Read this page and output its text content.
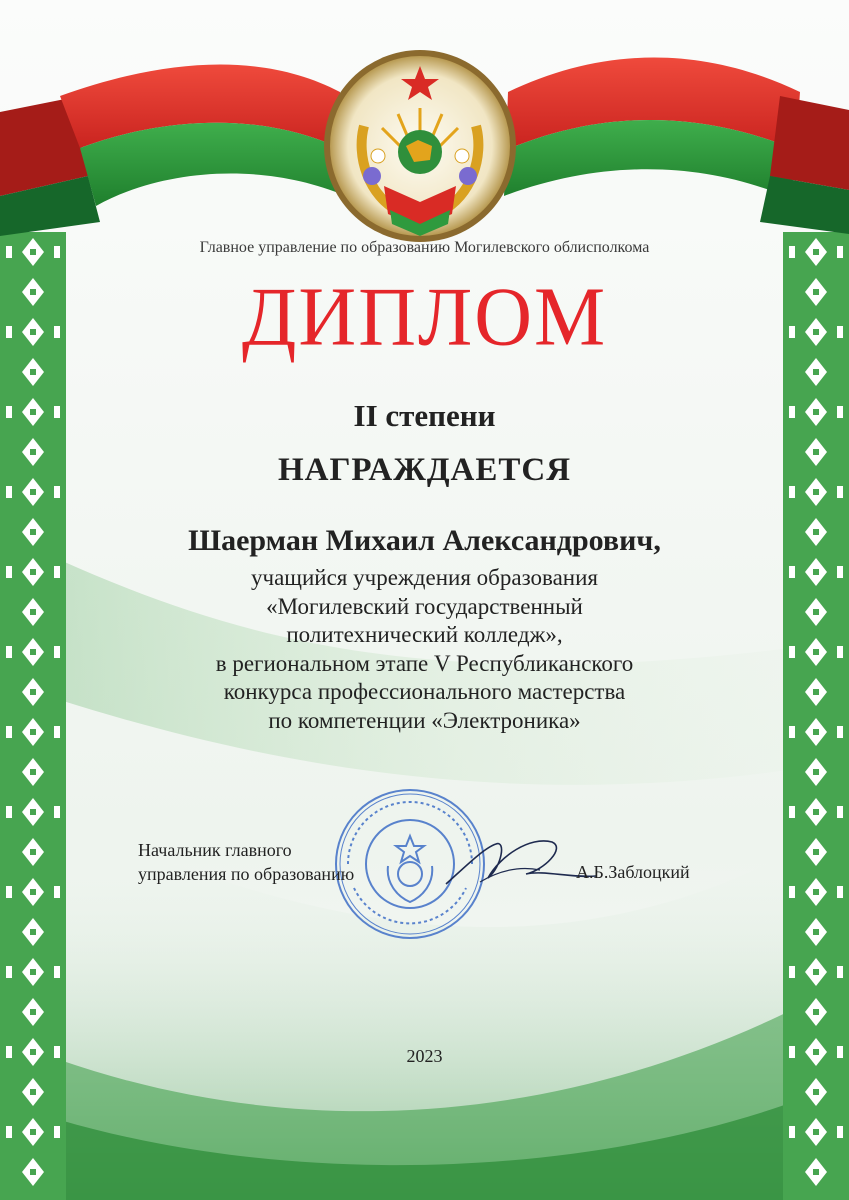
Главное управление по образованию Могилевского облисполкома
ДИПЛОМ
II степени
НАГРАЖДАЕТСЯ
Шаерман Михаил Александрович,
учащийся учреждения образования
«Могилевский государственный
политехнический колледж»,
в региональном этапе V Республиканского
конкурса профессионального мастерства
по компетенции «Электроника»
Начальник главного
управления по образованию	А.Б.Заблоцкий
2023
